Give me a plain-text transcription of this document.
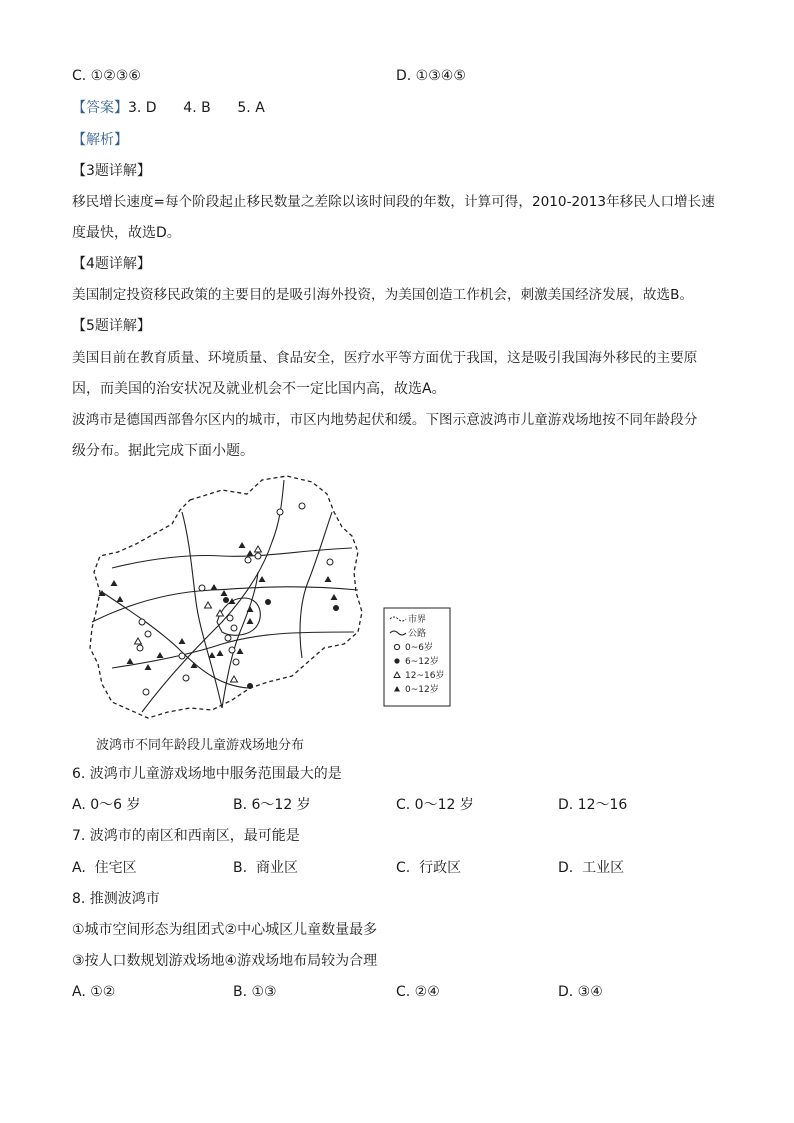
C. ①②③⑥	D. ①③④⑤
【答案】3. D      4. B      5. A
【解析】
【3题详解】
移民增长速度=每个阶段起止移民数量之差除以该时间段的年数，计算可得，2010-2013年移民人口增长速
度最快，故选D。
【4题详解】
美国制定投资移民政策的主要目的是吸引海外投资，为美国创造工作机会，刺激美国经济发展，故选B。
【5题详解】
美国目前在教育质量、环境质量、食品安全，医疗水平等方面优于我国，这是吸引我国海外移民的主要原
因，而美国的治安状况及就业机会不一定比国内高，故选A。
波鸿市是德国西部鲁尔区内的城市，市区内地势起伏和缓。下图示意波鸿市儿童游戏场地按不同年龄段分
级分布。据此完成下面小题。
市界
公路
0~6岁
6~12岁
12~16岁
0~12岁
波鸿市不同年龄段儿童游戏场地分布
6. 波鸿市儿童游戏场地中服务范围最大的是
A. 0～6 岁	B. 6～12 岁	C. 0～12 岁	D. 12～16
7. 波鸿市的南区和西南区，最可能是
A.  住宅区	B.  商业区	C.  行政区	D.  工业区
8. 推测波鸿市
①城市空间形态为组团式②中心城区儿童数量最多
③按人口数规划游戏场地④游戏场地布局较为合理
A. ①②	B. ①③	C. ②④	D. ③④
